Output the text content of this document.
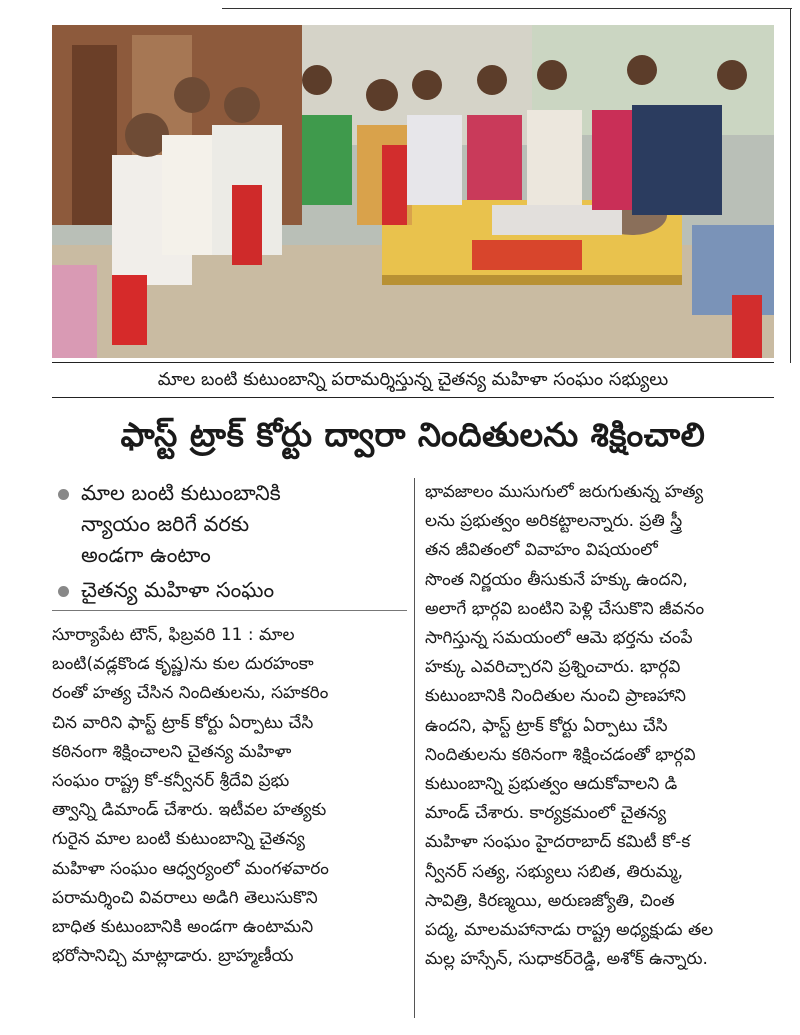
మాల బంటి కుటుంబాన్ని పరామర్శిస్తున్న చైతన్య మహిళా సంఘం సభ్యులు
ఫాస్ట్ ట్రాక్ కోర్టు ద్వారా నిందితులను శిక్షించాలి
మాల బంటి కుటుంబానికి
న్యాయం జరిగే వరకు
అండగా ఉంటాం
చైతన్య మహిళా సంఘం
సూర్యాపేట టౌన్, ఫిబ్రవరి 11 : మాల
బంటి(వడ్లకొండ కృష్ణ)ను కుల దురహంకా
రంతో హత్య చేసిన నిందితులను, సహకరిం
చిన వారిని ఫాస్ట్ ట్రాక్ కోర్టు ఏర్పాటు చేసి
కఠినంగా శిక్షించాలని చైతన్య మహిళా
సంఘం రాష్ట్ర కో-కన్వీనర్ శ్రీదేవి ప్రభు
త్వాన్ని డిమాండ్ చేశారు. ఇటీవల హత్యకు
గురైన మాల బంటి కుటుంబాన్ని చైతన్య
మహిళా సంఘం ఆధ్వర్యంలో మంగళవారం
పరామర్శించి వివరాలు అడిగి తెలుసుకొని
బాధిత కుటుంబానికి అండగా ఉంటామని
భరోసానిచ్చి మాట్లాడారు. బ్రాహ్మణీయ
భావజాలం ముసుగులో జరుగుతున్న హత్య
లను ప్రభుత్వం అరికట్టాలన్నారు. ప్రతి స్త్రీ
తన జీవితంలో వివాహం విషయంలో
సొంత నిర్ణయం తీసుకునే హక్కు ఉందని,
అలాగే భార్గవి బంటిని పెళ్లి చేసుకొని జీవనం
సాగిస్తున్న సమయంలో ఆమె భర్తను చంపే
హక్కు ఎవరిచ్చారని ప్రశ్నించారు. భార్గవి
కుటుంబానికి నిందితుల నుంచి ప్రాణహాని
ఉందని, ఫాస్ట్ ట్రాక్ కోర్టు ఏర్పాటు చేసి
నిందితులను కఠినంగా శిక్షించడంతో భార్గవి
కుటుంబాన్ని ప్రభుత్వం ఆదుకోవాలని డి
మాండ్ చేశారు. కార్యక్రమంలో చైతన్య
మహిళా సంఘం హైదరాబాద్ కమిటీ కో-క
న్వీనర్ సత్య, సభ్యులు సబిత, తిరుమ్మ,
సావిత్రి, కిరణ్మయి, అరుణజ్యోతి, చింత
పద్మ, మాలమహానాడు రాష్ట్ర అధ్యక్షుడు తల
మల్ల హస్సేన్, సుధాకర్‌రెడ్డి, అశోక్ ఉన్నారు.
